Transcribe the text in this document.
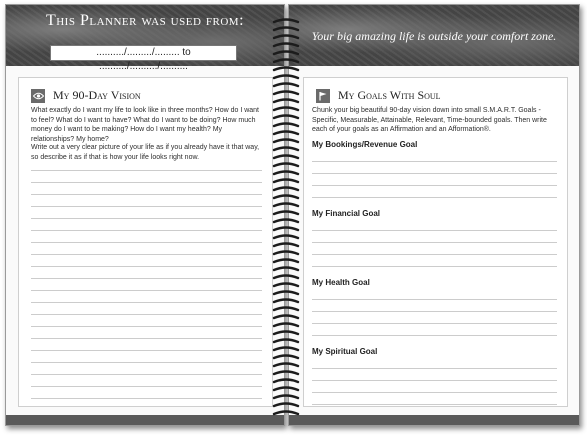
This Planner was used from:
........../........./......... to ........../........../..........
My 90-Day Vision
What exactly do I want my life to look like in three months? How do I want to feel? What do I want to have? What do I want to be doing? How much money do I want to be making? How do I want my health? My relationships? My home?
Write out a very clear picture of your life as if you already have it that way, so describe it as if that is how your life looks right now.
Your big amazing life is outside your comfort zone.
My Goals With Soul
Chunk your big beautiful 90-day vision down into small S.M.A.R.T. Goals - Specific, Measurable, Attainable, Relevant, Time-bounded goals. Then write each of your goals as an Affirmation and an Afformation®.
My Bookings/Revenue Goal
My Financial Goal
My Health Goal
My Spiritual Goal
